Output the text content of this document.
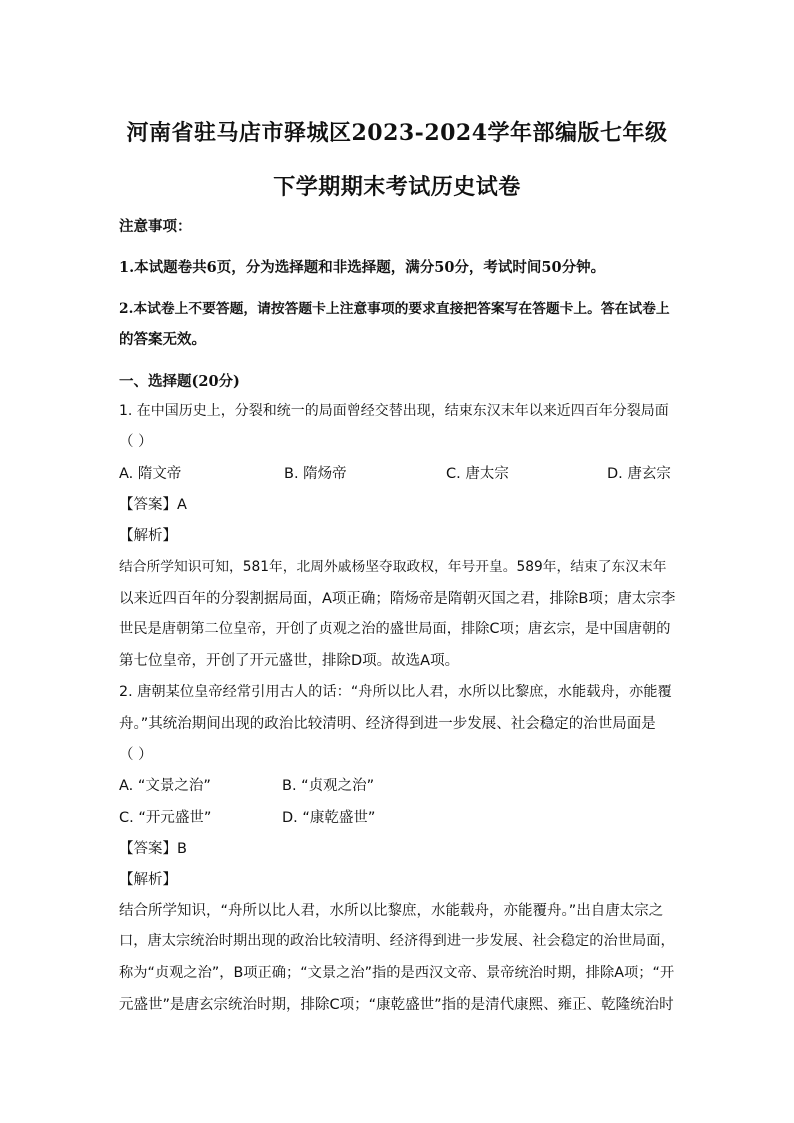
河南省驻马店市驿城区2023-2024学年部编版七年级
下学期期末考试历史试卷
注意事项：
1.本试题卷共6页，分为选择题和非选择题，满分50分，考试时间50分钟。
2.本试卷上不要答题，请按答题卡上注意事项的要求直接把答案写在答题卡上。答在试卷上
的答案无效。
一、选择题(20分)
1. 在中国历史上，分裂和统一的局面曾经交替出现，结束东汉末年以来近四百年分裂局面
（ ）
A. 隋文帝	B. 隋炀帝	C. 唐太宗	D. 唐玄宗
【答案】A
【解析】
结合所学知识可知，581年，北周外戚杨坚夺取政权，年号开皇。589年，结束了东汉末年
以来近四百年的分裂割据局面，A项正确；隋炀帝是隋朝灭国之君，排除B项；唐太宗李
世民是唐朝第二位皇帝，开创了贞观之治的盛世局面，排除C项；唐玄宗，是中国唐朝的
第七位皇帝，开创了开元盛世，排除D项。故选A项。
2. 唐朝某位皇帝经常引用古人的话：“舟所以比人君，水所以比黎庶，水能载舟，亦能覆
舟。”其统治期间出现的政治比较清明、经济得到进一步发展、社会稳定的治世局面是
（ ）
A. “文景之治”	B. “贞观之治”
C. “开元盛世”	D. “康乾盛世”
【答案】B
【解析】
结合所学知识，“舟所以比人君，水所以比黎庶，水能载舟，亦能覆舟。”出自唐太宗之
口，唐太宗统治时期出现的政治比较清明、经济得到进一步发展、社会稳定的治世局面，
称为“贞观之治”，B项正确；“文景之治”指的是西汉文帝、景帝统治时期，排除A项；“开
元盛世”是唐玄宗统治时期，排除C项；“康乾盛世”指的是清代康熙、雍正、乾隆统治时
